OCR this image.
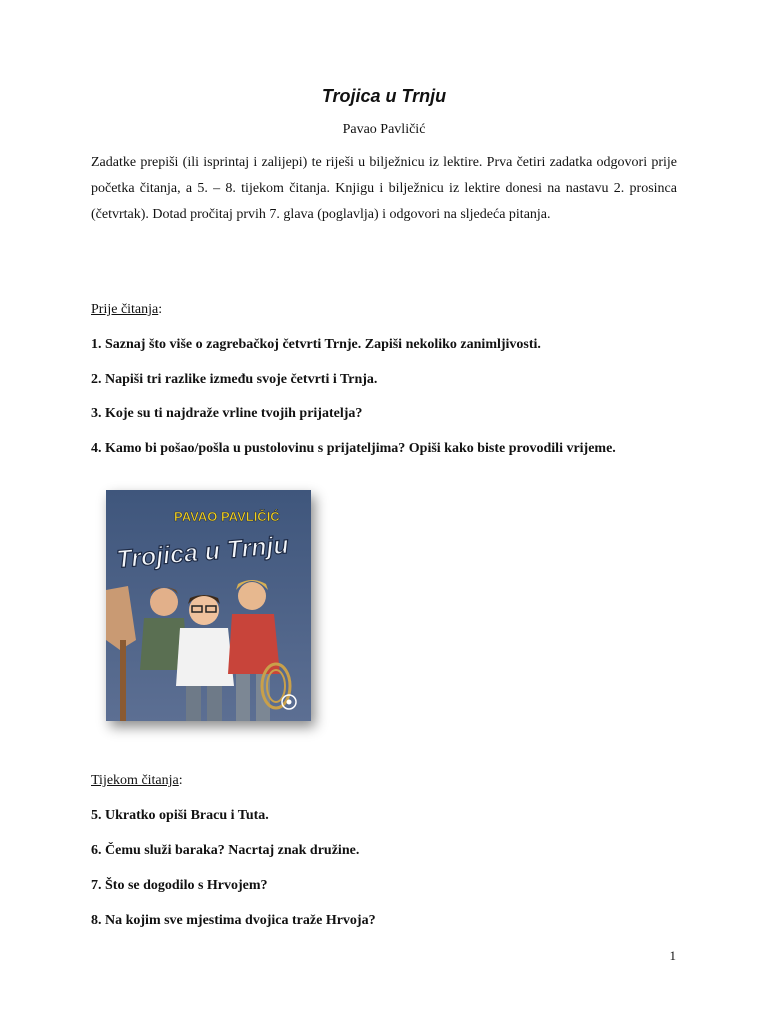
Trojica u Trnju

Pavao Pavličić

Zadatke prepiši (ili isprintaj i zalijepi) te riješi u bilježnicu iz lektire. Prva četiri zadatka odgovori prije početka čitanja, a 5. – 8. tijekom čitanja. Knjigu i bilježnicu iz lektire donesi na nastavu 2. prosinca (četvrtak). Dotad pročitaj prvih 7. glava (poglavlja) i odgovori na sljedeća pitanja.

Prije čitanja:

1. Saznaj što više o zagrebačkoj četvrti Trnje. Zapiši nekoliko zanimljivosti.

2. Napiši tri razlike između svoje četvrti i Trnja.

3. Koje su ti najdraže vrline tvojih prijatelja?

4. Kamo bi pošao/pošla u pustolovinu s prijateljima? Opiši kako biste provodili vrijeme.

PAVAO PAVLIČIĆ
Trojica u Trnju

Tijekom čitanja:

5. Ukratko opiši Bracu i Tuta.

6. Čemu služi baraka? Nacrtaj znak družine.

7. Što se dogodilo s Hrvojem?

8. Na kojim sve mjestima dvojica traže Hrvoja?

1
